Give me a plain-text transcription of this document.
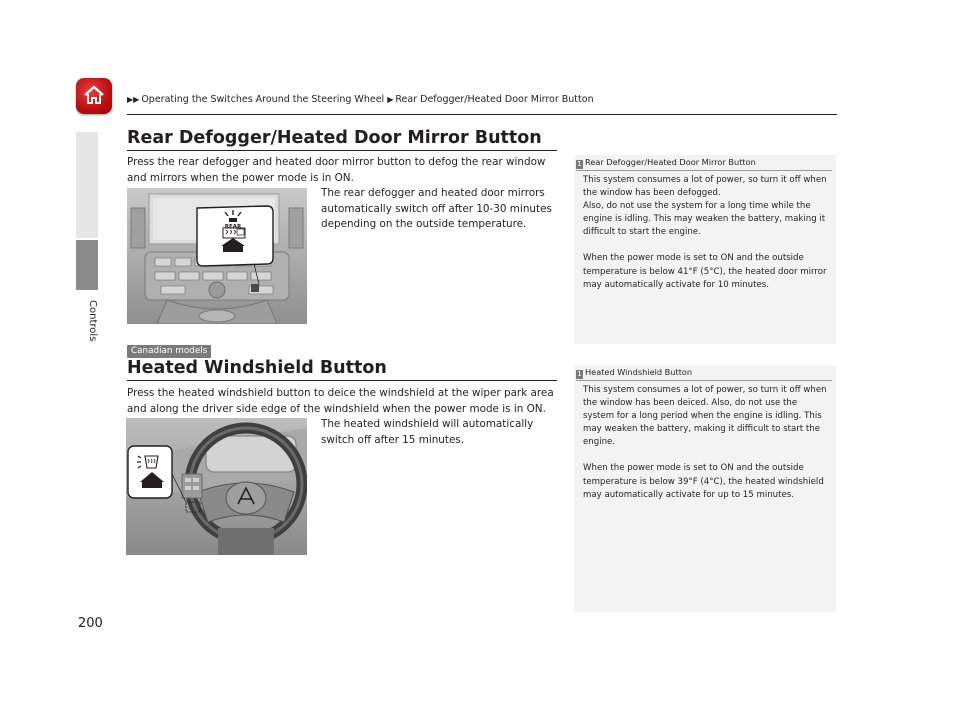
Controls
▶▶ Operating the Switches Around the Steering Wheel ▶ Rear Defogger/Heated Door Mirror Button
Rear Defogger/Heated Door Mirror Button
Press the rear defogger and heated door mirror button to defog the rear window and mirrors when the power mode is in ON.
The rear defogger and heated door mirrors automatically switch off after 10-30 minutes depending on the outside temperature.
REAR
1 Rear Defogger/Heated Door Mirror Button

This system consumes a lot of power, so turn it off when the window has been defogged.
Also, do not use the system for a long time while the engine is idling. This may weaken the battery, making it difficult to start the engine.

When the power mode is set to ON and the outside temperature is below 41°F (5°C), the heated door mirror may automatically activate for 10 minutes.

Canadian models
Heated Windshield Button
Press the heated windshield button to deice the windshield at the wiper park area and along the driver side edge of the windshield when the power mode is in ON.
The heated windshield will automatically switch off after 15 minutes.
1 Heated Windshield Button

This system consumes a lot of power, so turn it off when the window has been deiced. Also, do not use the system for a long period when the engine is idling. This may weaken the battery, making it difficult to start the engine.

When the power mode is set to ON and the outside temperature is below 39°F (4°C), the heated windshield may automatically activate for up to 15 minutes.

200
